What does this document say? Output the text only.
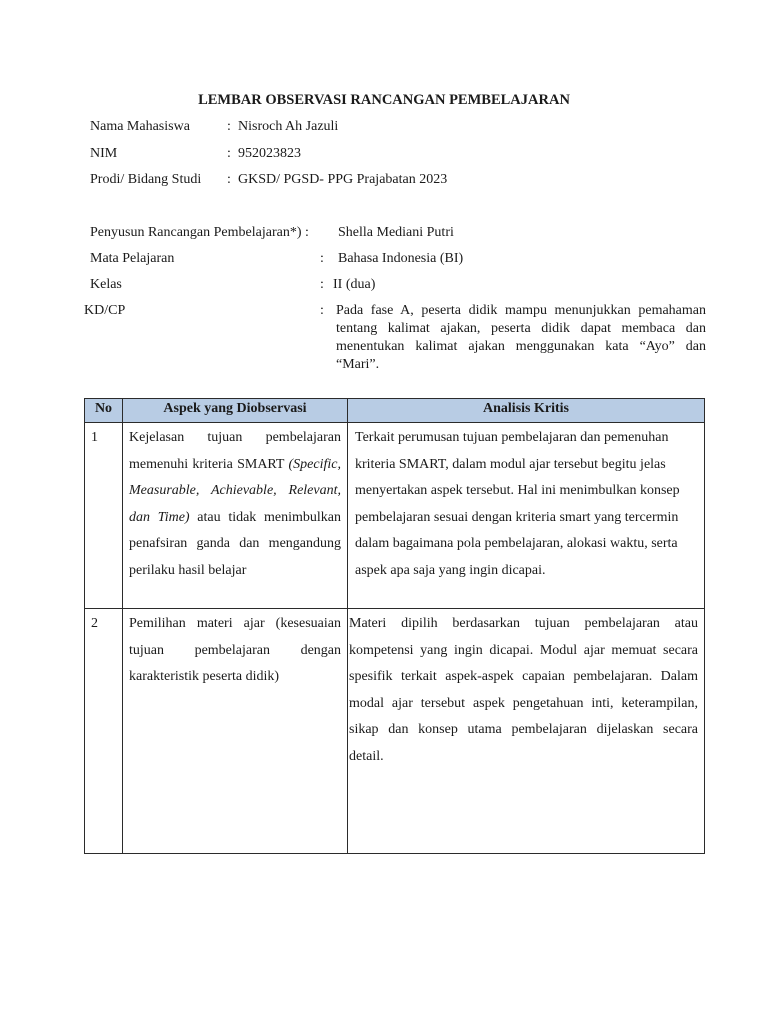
LEMBAR OBSERVASI RANCANGAN PEMBELAJARAN
Nama Mahasiswa	: Nisroch Ah Jazuli
NIM	: 952023823
Prodi/ Bidang Studi : GKSD/ PGSD- PPG Prajabatan 2023
Penyusun Rancangan Pembelajaran*) : Shella Mediani Putri
Mata Pelajaran	: Bahasa Indonesia (BI)
Kelas	: II (dua)
KD/CP	: Pada fase A, peserta didik mampu menunjukkan pemahaman tentang kalimat ajakan, peserta didik dapat membaca dan menentukan kalimat ajakan menggunakan kata “Ayo” dan “Mari”.
No	Aspek yang Diobservasi	Analisis Kritis
1	Kejelasan tujuan pembelajaran memenuhi kriteria SMART (Specific, Measurable, Achievable, Relevant, dan Time) atau tidak menimbulkan penafsiran ganda dan mengandung perilaku hasil belajar	Terkait perumusan tujuan pembelajaran dan pemenuhan kriteria SMART, dalam modul ajar tersebut begitu jelas menyertakan aspek tersebut. Hal ini menimbulkan konsep pembelajaran sesuai dengan kriteria smart yang tercermin dalam bagaimana pola pembelajaran, alokasi waktu, serta aspek apa saja yang ingin dicapai.
2	Pemilihan materi ajar (kesesuaian tujuan pembelajaran dengan karakteristik peserta didik)	Materi dipilih berdasarkan tujuan pembelajaran atau kompetensi yang ingin dicapai. Modul ajar memuat secara spesifik terkait aspek-aspek capaian pembelajaran. Dalam modal ajar tersebut aspek pengetahuan inti, keterampilan, sikap dan konsep utama pembelajaran dijelaskan secara detail.
